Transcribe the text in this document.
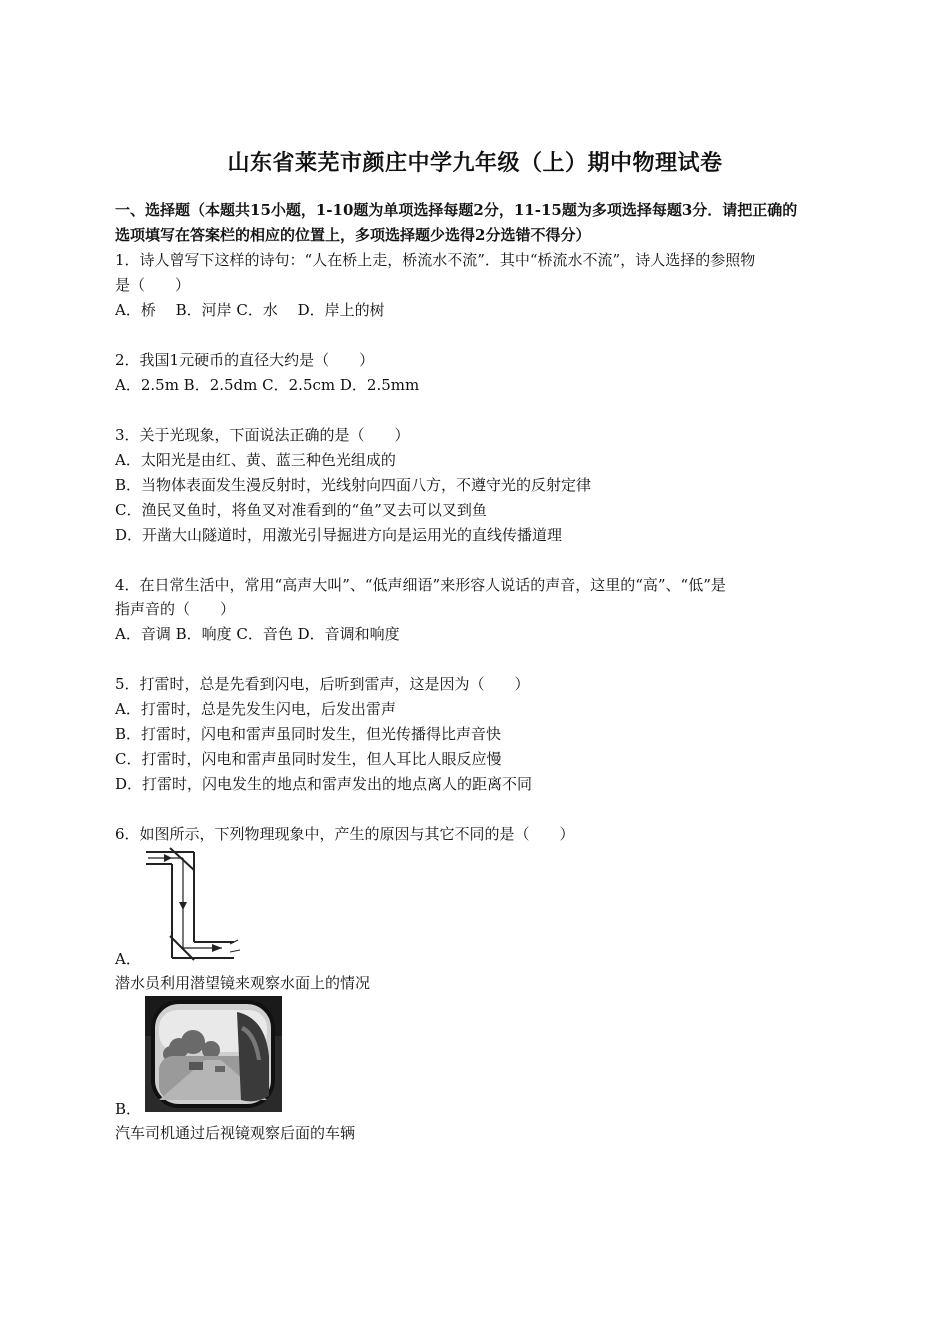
山东省莱芜市颜庄中学九年级（上）期中物理试卷
一、选择题（本题共15小题，1-10题为单项选择每题2分，11-15题为多项选择每题3分．请把正确的
选项填写在答案栏的相应的位置上，多项选择题少选得2分选错不得分）
1．诗人曾写下这样的诗句：“人在桥上走，桥流水不流”．其中“桥流水不流”，诗人选择的参照物
是（　　）
A．桥　 B．河岸 C．水　 D．岸上的树
2．我国1元硬币的直径大约是（　　）
A．2.5m B．2.5dm C．2.5cm D．2.5mm
3．关于光现象，下面说法正确的是（　　）
A．太阳光是由红、黄、蓝三种色光组成的
B．当物体表面发生漫反射时，光线射向四面八方，不遵守光的反射定律
C．渔民叉鱼时，将鱼叉对准看到的“鱼”叉去可以叉到鱼
D．开凿大山隧道时，用激光引导掘进方向是运用光的直线传播道理
4．在日常生活中，常用“高声大叫”、“低声细语”来形容人说话的声音，这里的“高”、“低”是
指声音的（　　）
A．音调 B．响度 C．音色 D．音调和响度
5．打雷时，总是先看到闪电，后听到雷声，这是因为（　　）
A．打雷时，总是先发生闪电，后发出雷声
B．打雷时，闪电和雷声虽同时发生，但光传播得比声音快
C．打雷时，闪电和雷声虽同时发生，但人耳比人眼反应慢
D．打雷时，闪电发生的地点和雷声发出的地点离人的距离不同
6．如图所示，下列物理现象中，产生的原因与其它不同的是（　　）
A．
潜水员利用潜望镜来观察水面上的情况
B．
汽车司机通过后视镜观察后面的车辆
